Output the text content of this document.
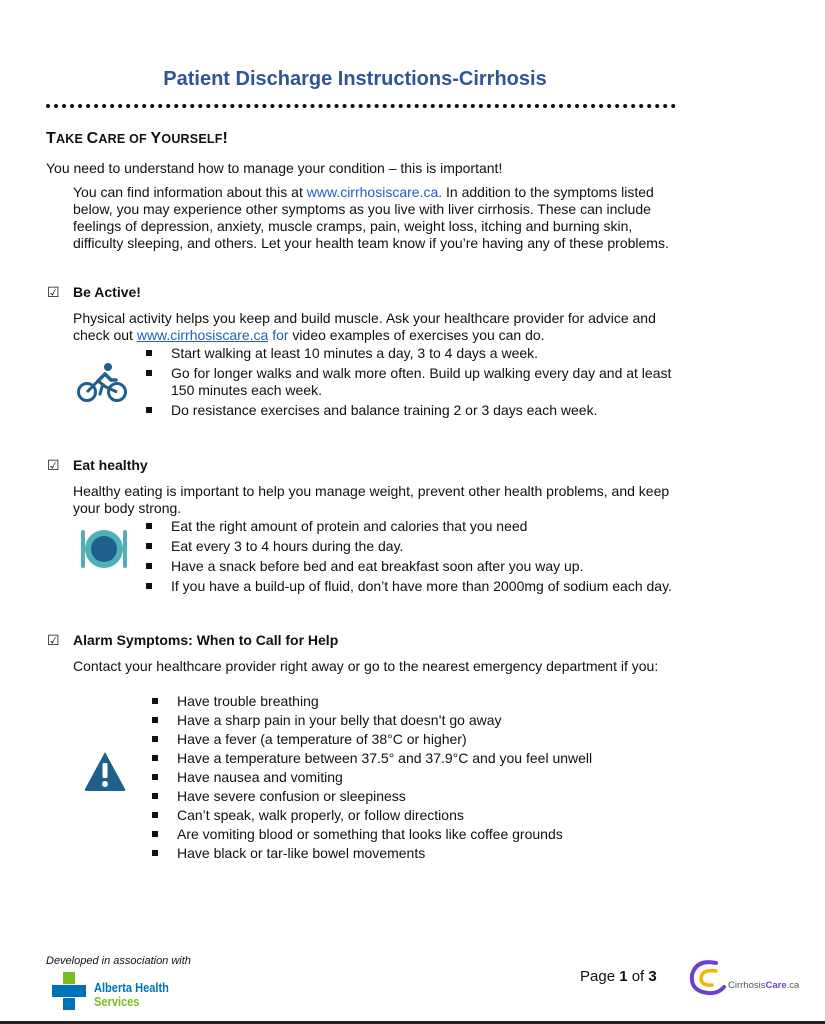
Patient Discharge Instructions-Cirrhosis
TAKE CARE OF YOURSELF!
You need to understand how to manage your condition – this is important!
You can find information about this at www.cirrhosiscare.ca. In addition to the symptoms listed below, you may experience other symptoms as you live with liver cirrhosis. These can include feelings of depression, anxiety, muscle cramps, pain, weight loss, itching and burning skin, difficulty sleeping, and others. Let your health team know if you’re having any of these problems.
☑ Be Active!
Physical activity helps you keep and build muscle. Ask your healthcare provider for advice and check out www.cirrhosiscare.ca for video examples of exercises you can do.
Start walking at least 10 minutes a day, 3 to 4 days a week.
Go for longer walks and walk more often. Build up walking every day and at least 150 minutes each week.
Do resistance exercises and balance training 2 or 3 days each week.
☑ Eat healthy
Healthy eating is important to help you manage weight, prevent other health problems, and keep your body strong.
Eat the right amount of protein and calories that you need
Eat every 3 to 4 hours during the day.
Have a snack before bed and eat breakfast soon after you way up.
If you have a build-up of fluid, don’t have more than 2000mg of sodium each day.
☑ Alarm Symptoms: When to Call for Help
Contact your healthcare provider right away or go to the nearest emergency department if you:
Have trouble breathing
Have a sharp pain in your belly that doesn’t go away
Have a fever (a temperature of 38°C or higher)
Have a temperature between 37.5° and 37.9°C and you feel unwell
Have nausea and vomiting
Have severe confusion or sleepiness
Can’t speak, walk properly, or follow directions
Are vomiting blood or something that looks like coffee grounds
Have black or tar-like bowel movements
Developed in association with
Alberta Health
Services
Page 1 of 3
CirrhosisCare.ca
